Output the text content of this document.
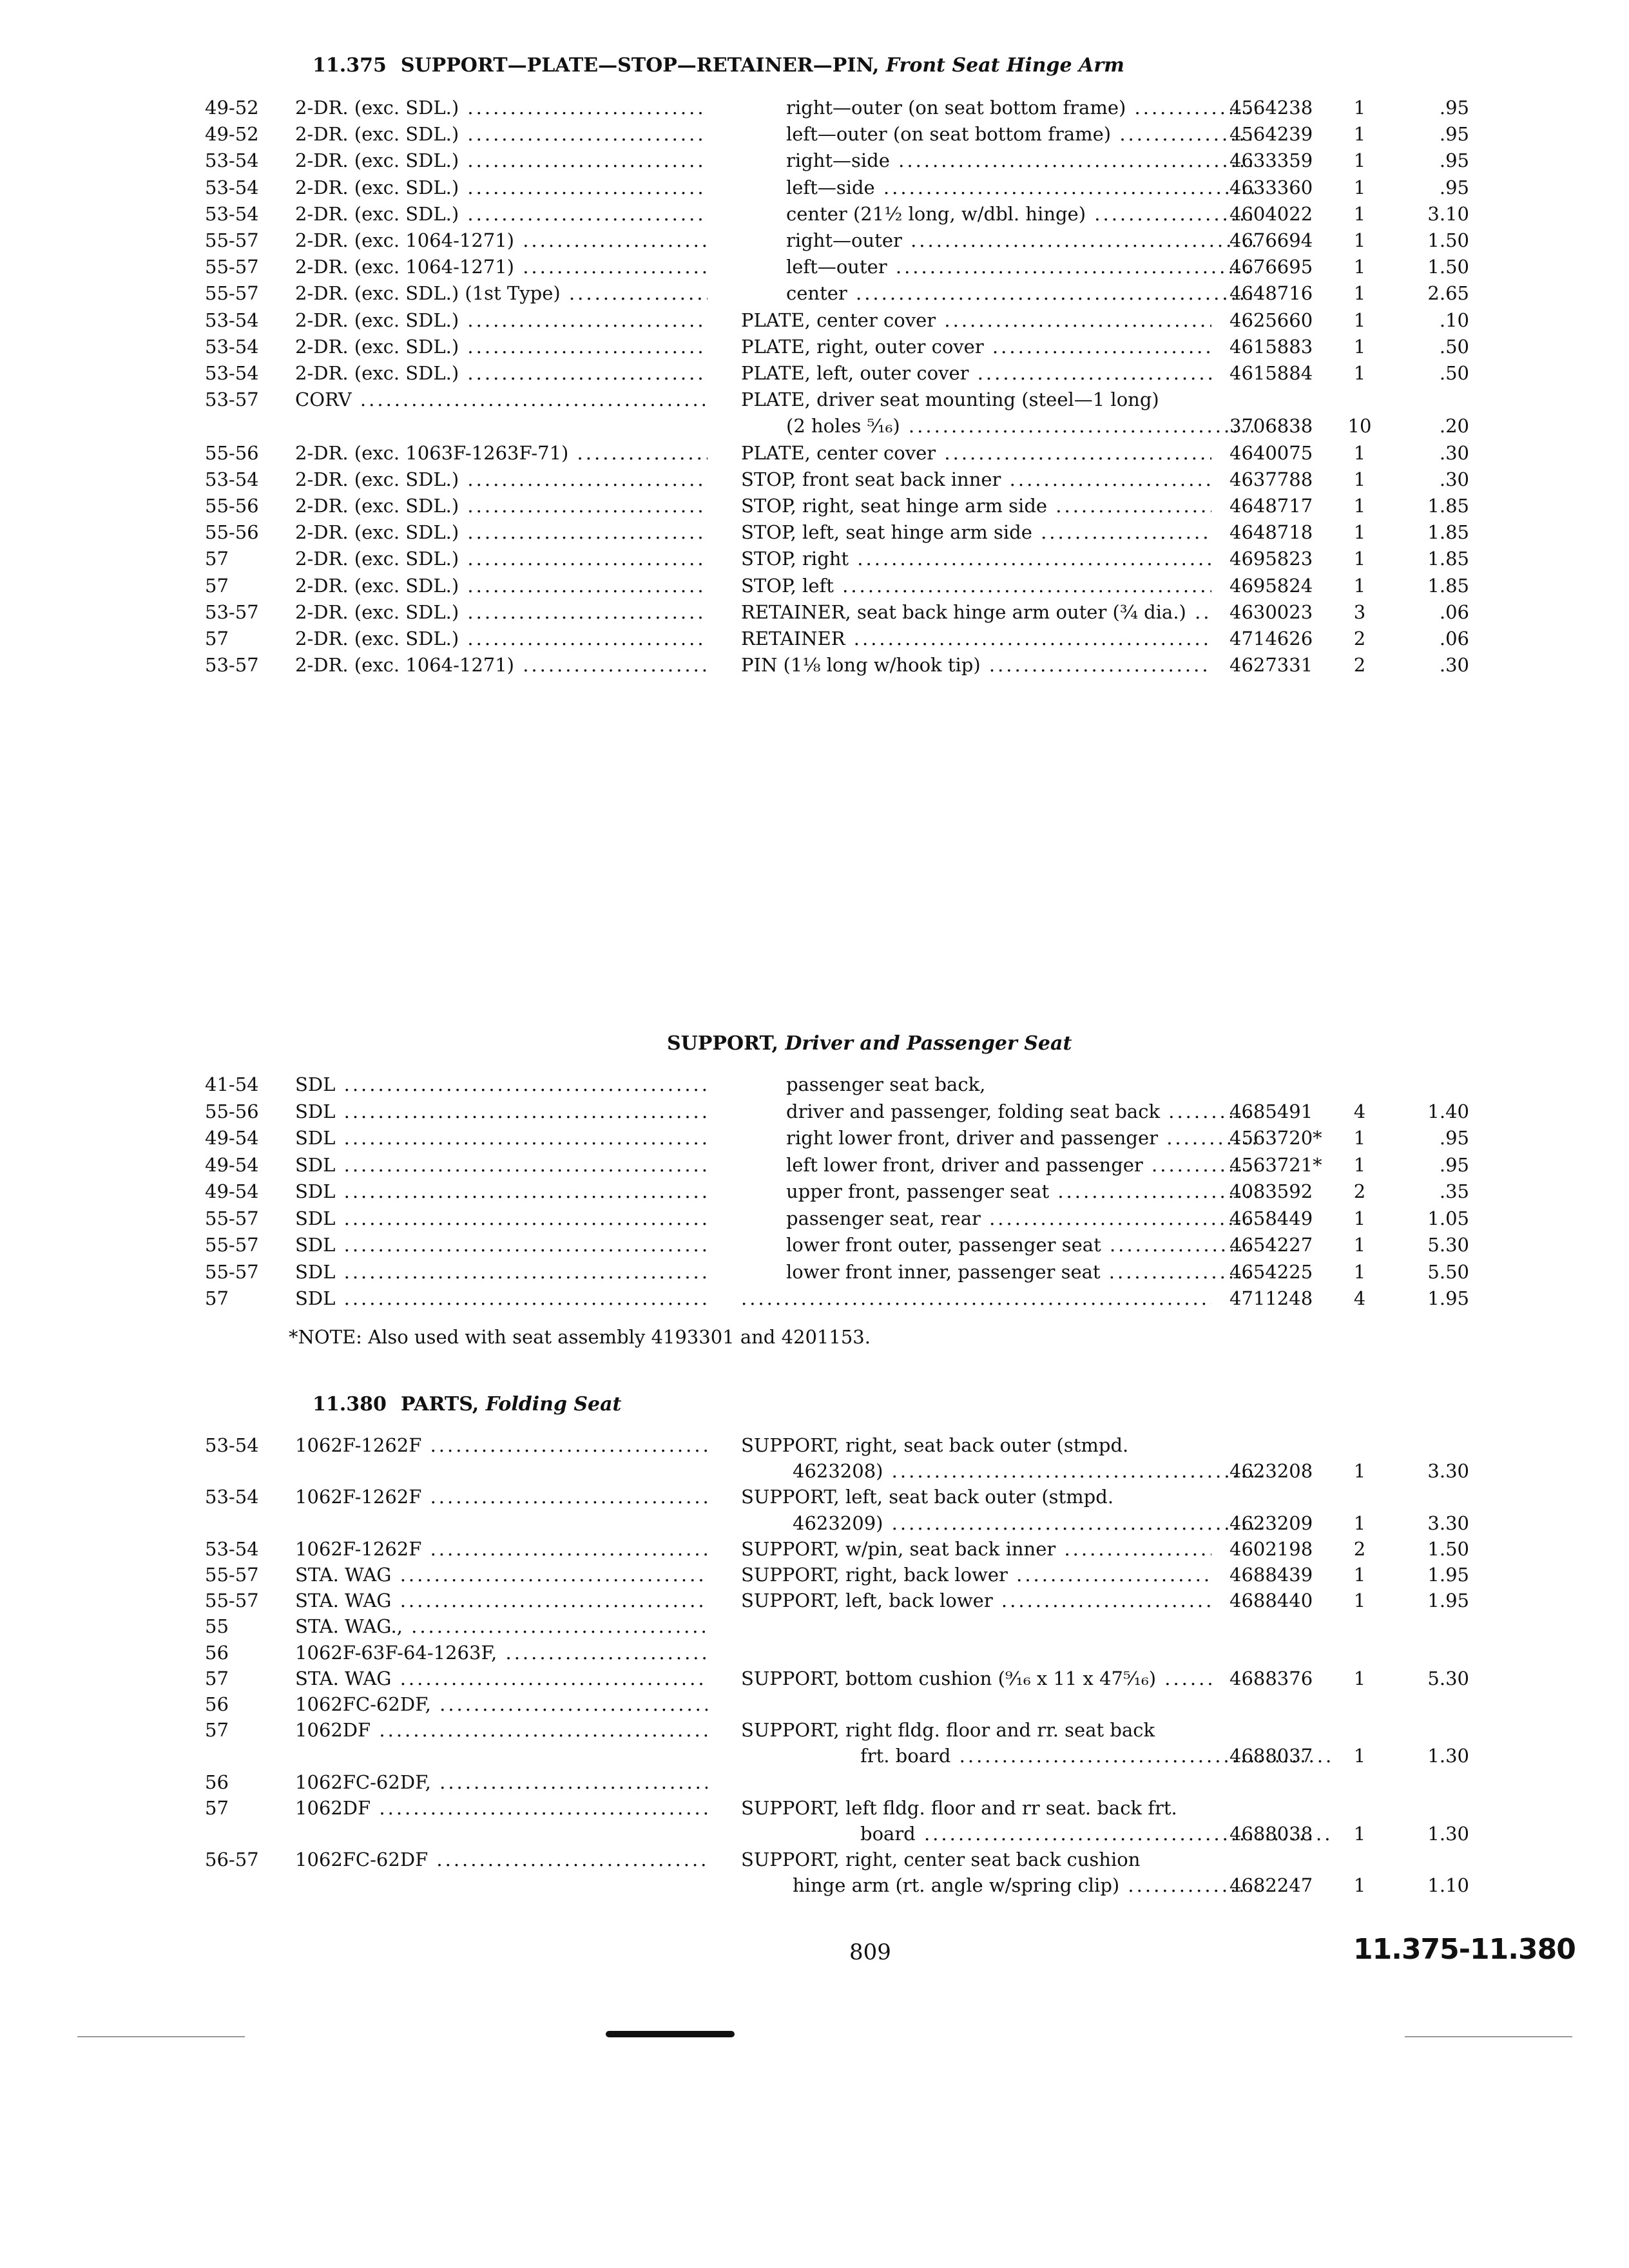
11.375 SUPPORT—PLATE—STOP—RETAINER—PIN, Front Seat Hinge Arm
49-52	2-DR. (exc. SDL.) .....	right—outer (on seat bottom frame) .....	4564238	1	.95
49-52	2-DR. (exc. SDL.) .....	left—outer (on seat bottom frame) .....	4564239	1	.95
53-54	2-DR. (exc. SDL.) .....	right—side .....	4633359	1	.95
53-54	2-DR. (exc. SDL.) .....	left—side .....	4633360	1	.95
53-54	2-DR. (exc. SDL.) .....	center (21½ long, w/dbl. hinge) .....	4604022	1	3.10
55-57	2-DR. (exc. 1064-1271) .....	right—outer .....	4676694	1	1.50
55-57	2-DR. (exc. 1064-1271) .....	left—outer .....	4676695	1	1.50
55-57	2-DR. (exc. SDL.) (1st Type) .....	center .....	4648716	1	2.65
53-54	2-DR. (exc. SDL.) .....	PLATE, center cover .....	4625660	1	.10
53-54	2-DR. (exc. SDL.) .....	PLATE, right, outer cover .....	4615883	1	.50
53-54	2-DR. (exc. SDL.) .....	PLATE, left, outer cover .....	4615884	1	.50
53-57	CORV .....	PLATE, driver seat mounting (steel—1 long)
(2 holes ⁵⁄₁₆) .....	3706838	10	.20
55-56	2-DR. (exc. 1063F-1263F-71) .....	PLATE, center cover .....	4640075	1	.30
53-54	2-DR. (exc. SDL.) .....	STOP, front seat back inner .....	4637788	1	.30
55-56	2-DR. (exc. SDL.) .....	STOP, right, seat hinge arm side .....	4648717	1	1.85
55-56	2-DR. (exc. SDL.) .....	STOP, left, seat hinge arm side .....	4648718	1	1.85
57	2-DR. (exc. SDL.) .....	STOP, right .....	4695823	1	1.85
57	2-DR. (exc. SDL.) .....	STOP, left .....	4695824	1	1.85
53-57	2-DR. (exc. SDL.) .....	RETAINER, seat back hinge arm outer (¾ dia.) .....	4630023	3	.06
57	2-DR. (exc. SDL.) .....	RETAINER .....	4714626	2	.06
53-57	2-DR. (exc. 1064-1271) .....	PIN (1⅛ long w/hook tip) .....	4627331	2	.30
SUPPORT, Driver and Passenger Seat
41-54	SDL .....	passenger seat back,
55-56	SDL .....	driver and passenger, folding seat back .....	4685491	4	1.40
49-54	SDL .....	right lower front, driver and passenger .....	4563720*	1	.95
49-54	SDL .....	left lower front, driver and passenger .....	4563721*	1	.95
49-54	SDL .....	upper front, passenger seat .....	4083592	2	.35
55-57	SDL .....	passenger seat, rear .....	4658449	1	1.05
55-57	SDL .....	lower front outer, passenger seat .....	4654227	1	5.30
55-57	SDL .....	lower front inner, passenger seat .....	4654225	1	5.50
57	SDL .....
.....	4711248	4	1.95
*NOTE: Also used with seat assembly 4193301 and 4201153.
11.380 PARTS, Folding Seat
53-54	1062F-1262F .....	SUPPORT, right, seat back outer (stmpd.
4623208) .....	4623208	1	3.30
53-54	1062F-1262F .....	SUPPORT, left, seat back outer (stmpd.
4623209) .....	4623209	1	3.30
53-54	1062F-1262F .....	SUPPORT, w/pin, seat back inner .....	4602198	2	1.50
55-57	STA. WAG .....	SUPPORT, right, back lower .....	4688439	1	1.95
55-57	STA. WAG .....	SUPPORT, left, back lower .....	4688440	1	1.95
55	STA. WAG., .....
56	1062F-63F-64-1263F, .....
57	STA. WAG .....	SUPPORT, bottom cushion (⁹⁄₁₆ x 11 x 47⁵⁄₁₆) .....	4688376	1	5.30
56	1062FC-62DF, .....
57	1062DF .....	SUPPORT, right fldg. floor and rr. seat back
frt. board .....	4688037	1	1.30
56	1062FC-62DF, .....
57	1062DF .....	SUPPORT, left fldg. floor and rr seat. back frt.
board .....	4688038	1	1.30
56-57	1062FC-62DF .....	SUPPORT, right, center seat back cushion
hinge arm (rt. angle w/spring clip) .....	4682247	1	1.10
809	11.375-11.380
